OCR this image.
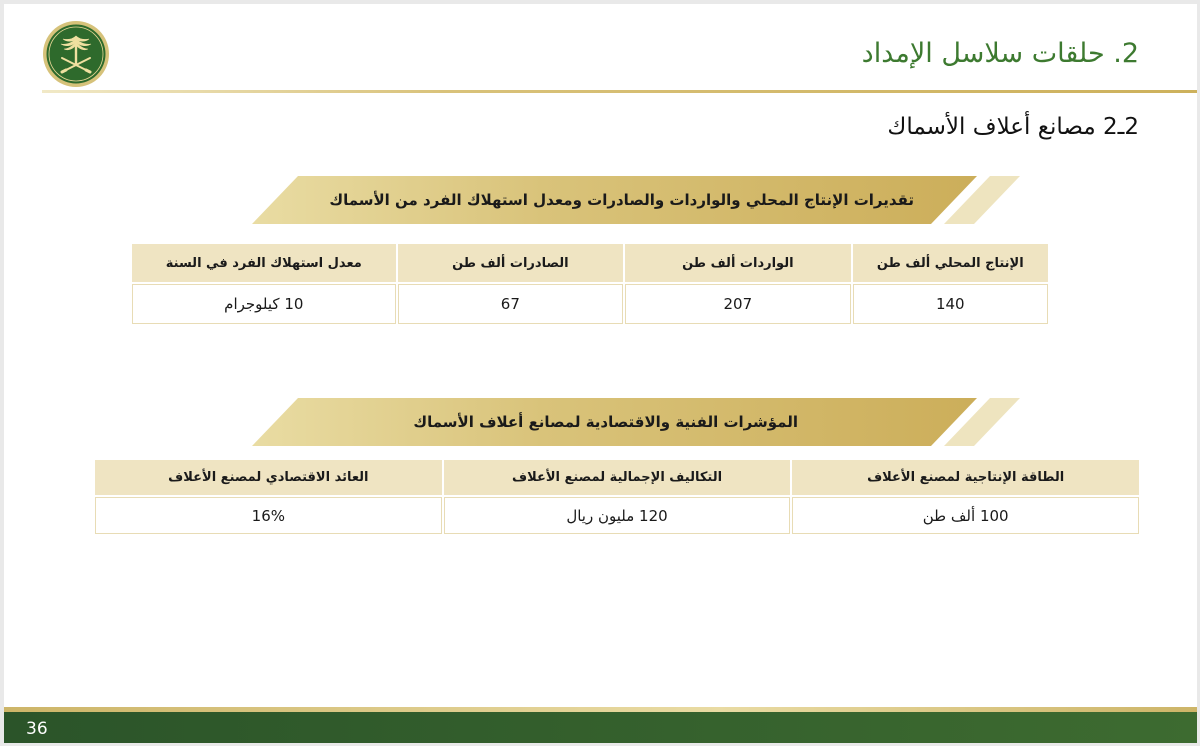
2. حلقات سلاسل الإمداد
2ـ2 مصانع أعلاف الأسماك
تقديرات الإنتاج المحلي والواردات والصادرات ومعدل استهلاك الفرد من الأسماك
الإنتاج المحلي ألف طن	الواردات ألف طن	الصادرات ألف طن	معدل استهلاك الفرد في السنة
140	207	67	10 كيلوجرام
المؤشرات الفنية والاقتصادية لمصانع أعلاف الأسماك
الطاقة الإنتاجية لمصنع الأعلاف	التكاليف الإجمالية لمصنع الأعلاف	العائد الاقتصادي لمصنع الأعلاف
100 ألف طن	120 مليون ريال	16%
36
